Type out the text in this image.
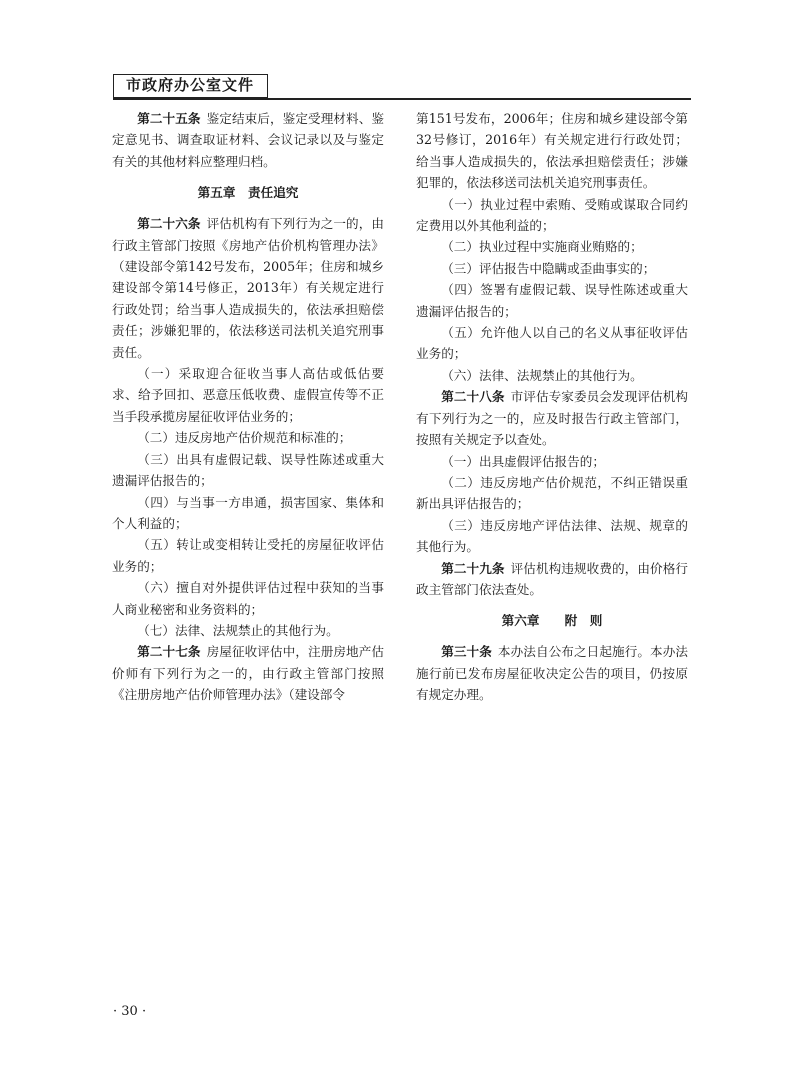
市政府办公室文件

第二十五条 鉴定结束后，鉴定受理材料、鉴定意见书、调查取证材料、会议记录以及与鉴定有关的其他材料应整理归档。

第五章　责任追究

第二十六条 评估机构有下列行为之一的，由行政主管部门按照《房地产估价机构管理办法》（建设部令第142号发布，2005年；住房和城乡建设部令第14号修正，2013年）有关规定进行行政处罚；给当事人造成损失的，依法承担赔偿责任；涉嫌犯罪的，依法移送司法机关追究刑事责任。

（一）采取迎合征收当事人高估或低估要求、给予回扣、恶意压低收费、虚假宣传等不正当手段承揽房屋征收评估业务的；

（二）违反房地产估价规范和标准的；

（三）出具有虚假记载、误导性陈述或重大遗漏评估报告的；

（四）与当事一方串通，损害国家、集体和个人利益的；

（五）转让或变相转让受托的房屋征收评估业务的；

（六）擅自对外提供评估过程中获知的当事人商业秘密和业务资料的；

（七）法律、法规禁止的其他行为。

第二十七条 房屋征收评估中，注册房地产估价师有下列行为之一的，由行政主管部门按照《注册房地产估价师管理办法》（建设部令

第151号发布，2006年；住房和城乡建设部令第32号修订，2016年）有关规定进行行政处罚；给当事人造成损失的，依法承担赔偿责任；涉嫌犯罪的，依法移送司法机关追究刑事责任。

（一）执业过程中索贿、受贿或谋取合同约定费用以外其他利益的；

（二）执业过程中实施商业贿赂的；

（三）评估报告中隐瞒或歪曲事实的；

（四）签署有虚假记载、误导性陈述或重大遗漏评估报告的；

（五）允许他人以自己的名义从事征收评估业务的；

（六）法律、法规禁止的其他行为。

第二十八条 市评估专家委员会发现评估机构有下列行为之一的，应及时报告行政主管部门，按照有关规定予以查处。

（一）出具虚假评估报告的；

（二）违反房地产估价规范，不纠正错误重新出具评估报告的；

（三）违反房地产评估法律、法规、规章的其他行为。

第二十九条 评估机构违规收费的，由价格行政主管部门依法查处。

第六章　　附　则

第三十条 本办法自公布之日起施行。本办法施行前已发布房屋征收决定公告的项目，仍按原有规定办理。

· 30 ·
